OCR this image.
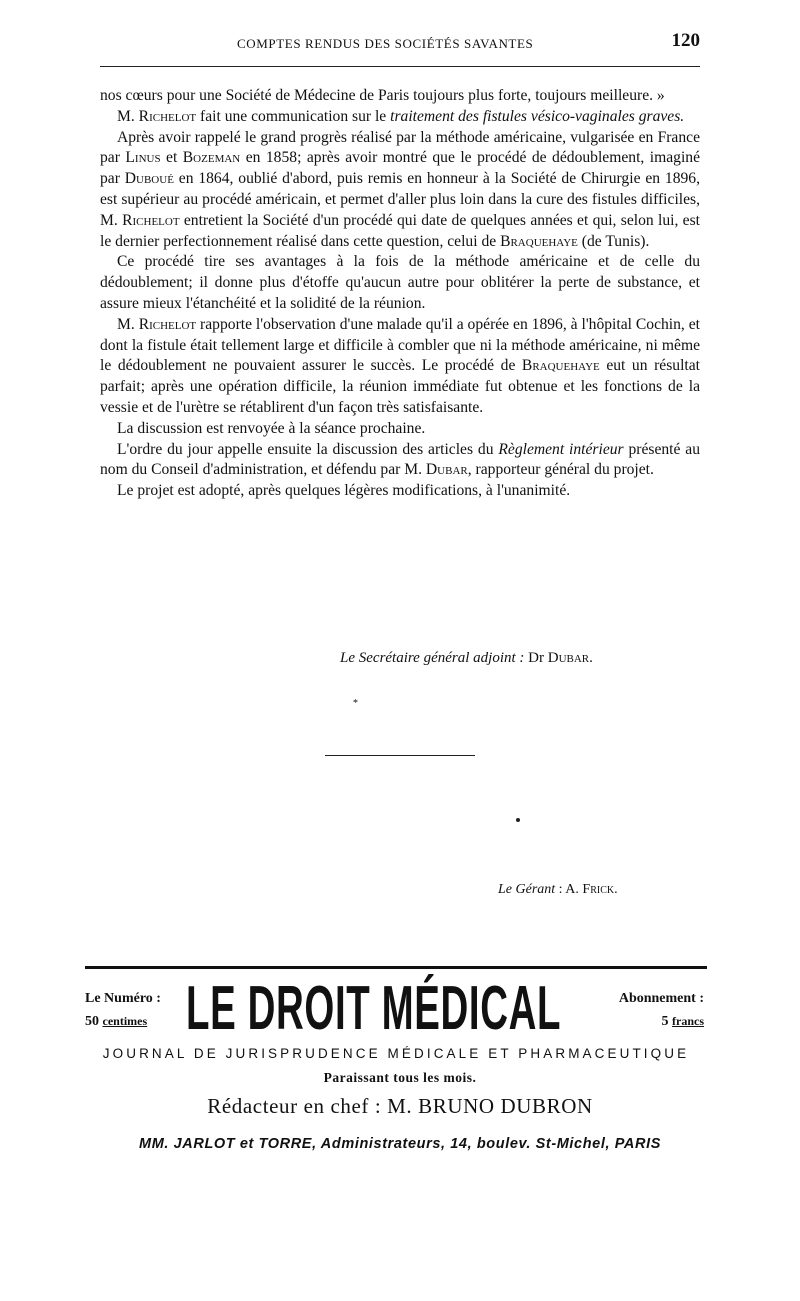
COMPTES RENDUS DES SOCIÉTÉS SAVANTES	120

nos cœurs pour une Société de Médecine de Paris toujours plus forte, toujours meilleure. »

M. Richelot fait une communication sur le traitement des fistules vésico-vaginales graves.

Après avoir rappelé le grand progrès réalisé par la méthode américaine, vulgarisée en France par Linus et Bozeman en 1858; après avoir montré que le procédé de dédoublement, imaginé par Duboué en 1864, oublié d'abord, puis remis en honneur à la Société de Chirurgie en 1896, est supérieur au procédé américain, et permet d'aller plus loin dans la cure des fistules difficiles, M. Richelot entretient la Société d'un procédé qui date de quelques années et qui, selon lui, est le dernier perfectionnement réalisé dans cette question, celui de Braquehaye (de Tunis).

Ce procédé tire ses avantages à la fois de la méthode américaine et de celle du dédoublement; il donne plus d'étoffe qu'aucun autre pour oblitérer la perte de substance, et assure mieux l'étanchéité et la solidité de la réunion.

M. Richelot rapporte l'observation d'une malade qu'il a opérée en 1896, à l'hôpital Cochin, et dont la fistule était tellement large et difficile à combler que ni la méthode américaine, ni même le dédoublement ne pouvaient assurer le succès. Le procédé de Braquehaye eut un résultat parfait; après une opération difficile, la réunion immédiate fut obtenue et les fonctions de la vessie et de l'urètre se rétablirent d'un façon très satisfaisante.

La discussion est renvoyée à la séance prochaine.

L'ordre du jour appelle ensuite la discussion des articles du Règlement intérieur présenté au nom du Conseil d'administration, et défendu par M. Dubar, rapporteur général du projet.

Le projet est adopté, après quelques légères modifications, à l'unanimité.

Le Secrétaire général adjoint : Dr Dubar.
*
Le Gérant : A. Frick.
Le Numéro :
50 centimes LE DROIT MÉDICAL	Abonnement :
5 francs
JOURNAL DE JURISPRUDENCE MÉDICALE ET PHARMACEUTIQUE
Paraissant tous les mois.
Rédacteur en chef : M. BRUNO DUBRON
MM. JARLOT et TORRE, Administrateurs, 14, boulev. St-Michel, PARIS
